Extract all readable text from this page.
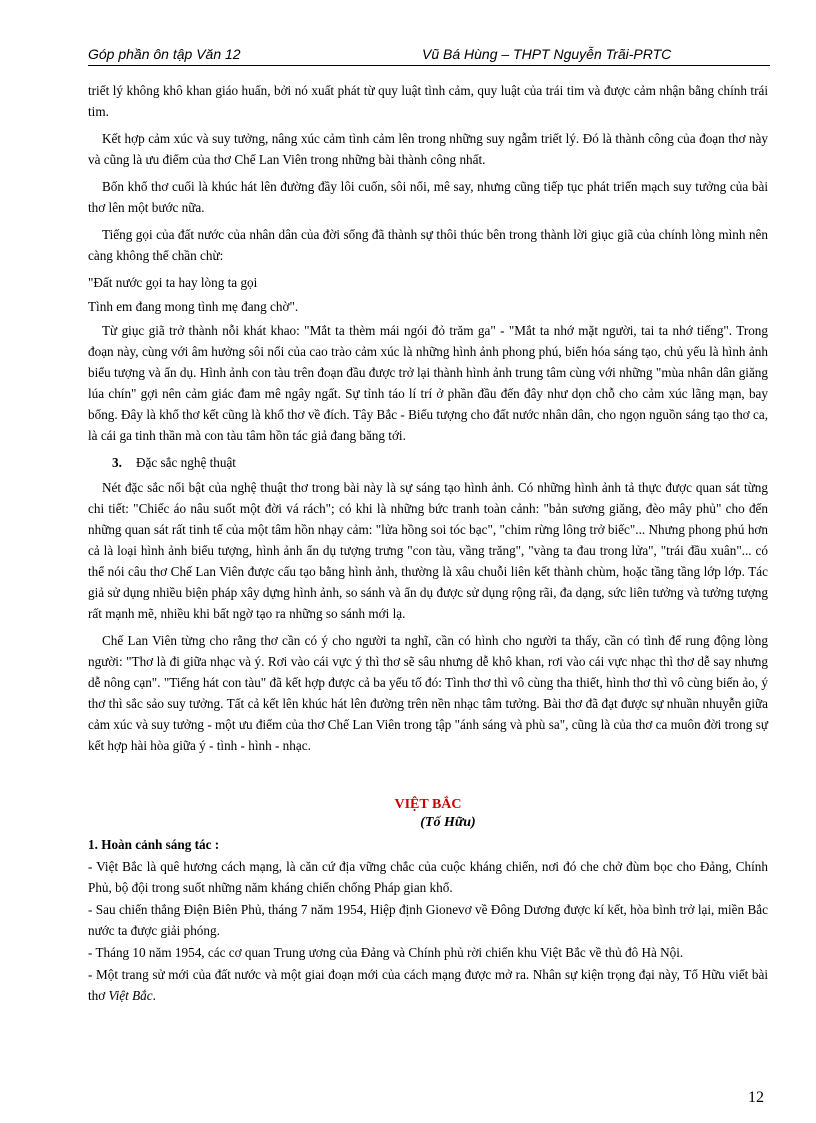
Góp phần ôn tập Văn 12	Vũ Bá Hùng – THPT Nguyễn Trãi-PRTC

triết lý không khô khan giáo huấn, bởi nó xuất phát từ quy luật tình cảm, quy luật của trái tim và được cảm nhận bằng chính trái tim.

Kết hợp cảm xúc và suy tưởng, nâng xúc cảm tình cảm lên trong những suy ngẫm triết lý. Đó là thành công của đoạn thơ này và cũng là ưu điểm của thơ Chế Lan Viên trong những bài thành công nhất.

Bốn khổ thơ cuối là khúc hát lên đường đầy lôi cuốn, sôi nổi, mê say, nhưng cũng tiếp tục phát triển mạch suy tưởng của bài thơ lên một bước nữa.

Tiếng gọi của đất nước của nhân dân của đời sống đã thành sự thôi thúc bên trong thành lời giục giã của chính lòng mình nên càng không thể chần chừ:

"Đất nước gọi ta hay lòng ta gọi

Tình em đang mong tình mẹ đang chờ".

Từ giục giã trở thành nỗi khát khao: "Mắt ta thèm mái ngói đỏ trăm ga" - "Mắt ta nhớ mặt người, tai ta nhớ tiếng". Trong đoạn này, cùng với âm hưởng sôi nổi của cao trào cảm xúc là những hình ảnh phong phú, biến hóa sáng tạo, chủ yếu là hình ảnh biểu tượng và ẩn dụ. Hình ảnh con tàu trên đoạn đầu được trở lại thành hình ảnh trung tâm cùng với những "mùa nhân dân giăng lúa chín" gợi nên cảm giác đam mê ngây ngất. Sự tỉnh táo lí trí ở phần đầu đến đây như dọn chỗ cho cảm xúc lãng mạn, bay bổng. Đây là khổ thơ kết cũng là khổ thơ về đích. Tây Bắc - Biểu tượng cho đất nước nhân dân, cho ngọn nguồn sáng tạo thơ ca, là cái ga tinh thần mà con tàu tâm hồn tác giả đang băng tới.

3. Đặc sắc nghệ thuật

Nét đặc sắc nổi bật của nghệ thuật thơ trong bài này là sự sáng tạo hình ảnh. Có những hình ảnh tả thực được quan sát từng chi tiết: "Chiếc áo nâu suốt một đời vá rách"; có khi là những bức tranh toàn cảnh: "bản sương giăng, đèo mây phủ" cho đến những quan sát rất tinh tế của một tâm hồn nhạy cảm: "lửa hồng soi tóc bạc", "chim rừng lông trở biếc"... Nhưng phong phú hơn cả là loại hình ảnh biểu tượng, hình ảnh ẩn dụ tượng trưng "con tàu, vầng trăng", "vàng ta đau trong lửa", "trái đầu xuân"... có thể nói câu thơ Chế Lan Viên được cấu tạo bằng hình ảnh, thường là xâu chuỗi liên kết thành chùm, hoặc tầng tầng lớp lớp. Tác giả sử dụng nhiều biện pháp xây dựng hình ảnh, so sánh và ẩn dụ được sử dụng rộng rãi, đa dạng, sức liên tưởng và tưởng tượng rất mạnh mẽ, nhiều khi bất ngờ tạo ra những so sánh mới lạ.

Chế Lan Viên từng cho rằng thơ cần có ý cho người ta nghĩ, cần có hình cho người ta thấy, cần có tình để rung động lòng người: "Thơ là đi giữa nhạc và ý. Rơi vào cái vực ý thì thơ sẽ sâu nhưng dễ khô khan, rơi vào cái vực nhạc thì thơ dễ say nhưng dễ nông cạn". "Tiếng hát con tàu" đã kết hợp được cả ba yếu tố đó: Tình thơ thì vô cùng tha thiết, hình thơ thì vô cùng biến ảo, ý thơ thì sắc sảo suy tưởng. Tất cả kết lên khúc hát lên đường trên nền nhạc tâm tưởng. Bài thơ đã đạt được sự nhuần nhuyễn giữa cảm xúc và suy tưởng - một ưu điểm của thơ Chế Lan Viên trong tập "ánh sáng và phù sa", cũng là của thơ ca muôn đời trong sự kết hợp hài hòa giữa ý - tình - hình - nhạc.

VIỆT BẮC
(Tố Hữu)

1. Hoàn cảnh sáng tác :

- Việt Bắc là quê hương cách mạng, là căn cứ địa vững chắc của cuộc kháng chiến, nơi đó che chở đùm bọc cho Đảng, Chính Phủ, bộ đội trong suốt những năm kháng chiến chống Pháp gian khổ.

- Sau chiến thắng Điện Biên Phủ, tháng 7 năm 1954, Hiệp định Gionevơ về Đông Dương được kí kết, hòa bình trở lại, miền Bắc nước ta được giải phóng.

- Tháng 10 năm 1954, các cơ quan Trung ương của Đảng và Chính phủ rời chiến khu Việt Bắc về thủ đô Hà Nội.

- Một trang sử mới của đất nước và một giai đoạn mới của cách mạng được mở ra. Nhân sự kiện trọng đại này, Tố Hữu viết bài thơ Việt Bắc.

12
